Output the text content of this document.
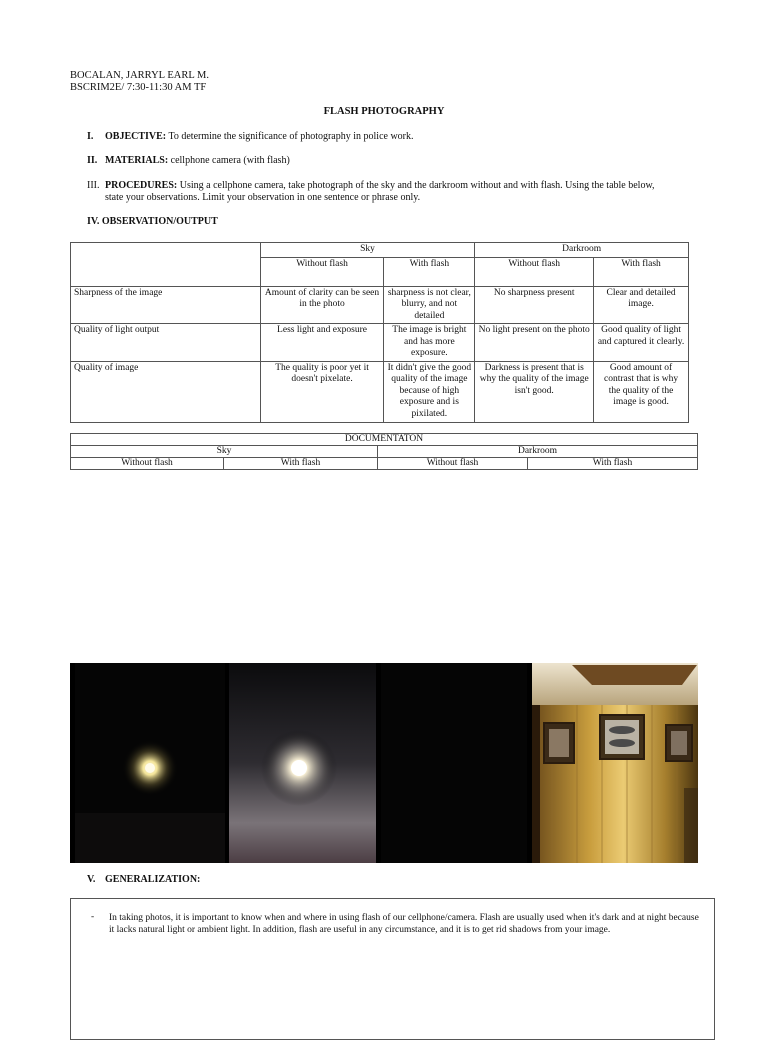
BOCALAN, JARRYL EARL M.
BSCRIM2E/ 7:30-11:30 AM TF
FLASH PHOTOGRAPHY
I. OBJECTIVE: To determine the significance of photography in police work.
II. MATERIALS: cellphone camera (with flash)
III. PROCEDURES: Using a cellphone camera, take photograph of the sky and the darkroom without and with flash. Using the table below,
state your observations. Limit your observation in one sentence or phrase only.
IV. OBSERVATION/OUTPUT
	Sky		Darkroom	
	Without flash	With flash	Without flash	With flash
Sharpness of the image	Amount of clarity can be seen in the photo	sharpness is not clear, blurry, and not detailed	No sharpness present	Clear and detailed image.
Quality of light output	Less light and exposure	The image is bright and has more exposure.	No light present on the photo	Good quality of light and captured it clearly.
Quality of image	The quality is poor yet it doesn't pixelate.	It didn't give the good quality of the image because of high exposure and is pixilated.	Darkness is present that is why the quality of the image isn't good.	Good amount of contrast that is why the quality of the image is good.
DOCUMENTATON			
Sky		Darkroom	
Without flash	With flash	Without flash	With flash
V. GENERALIZATION:
- In taking photos, it is important to know when and where in using flash of our cellphone/camera. Flash are usually used when it's dark and at night because it lacks natural light or ambient light. In addition, flash are useful in any circumstance, and it is to get rid shadows from your image.
